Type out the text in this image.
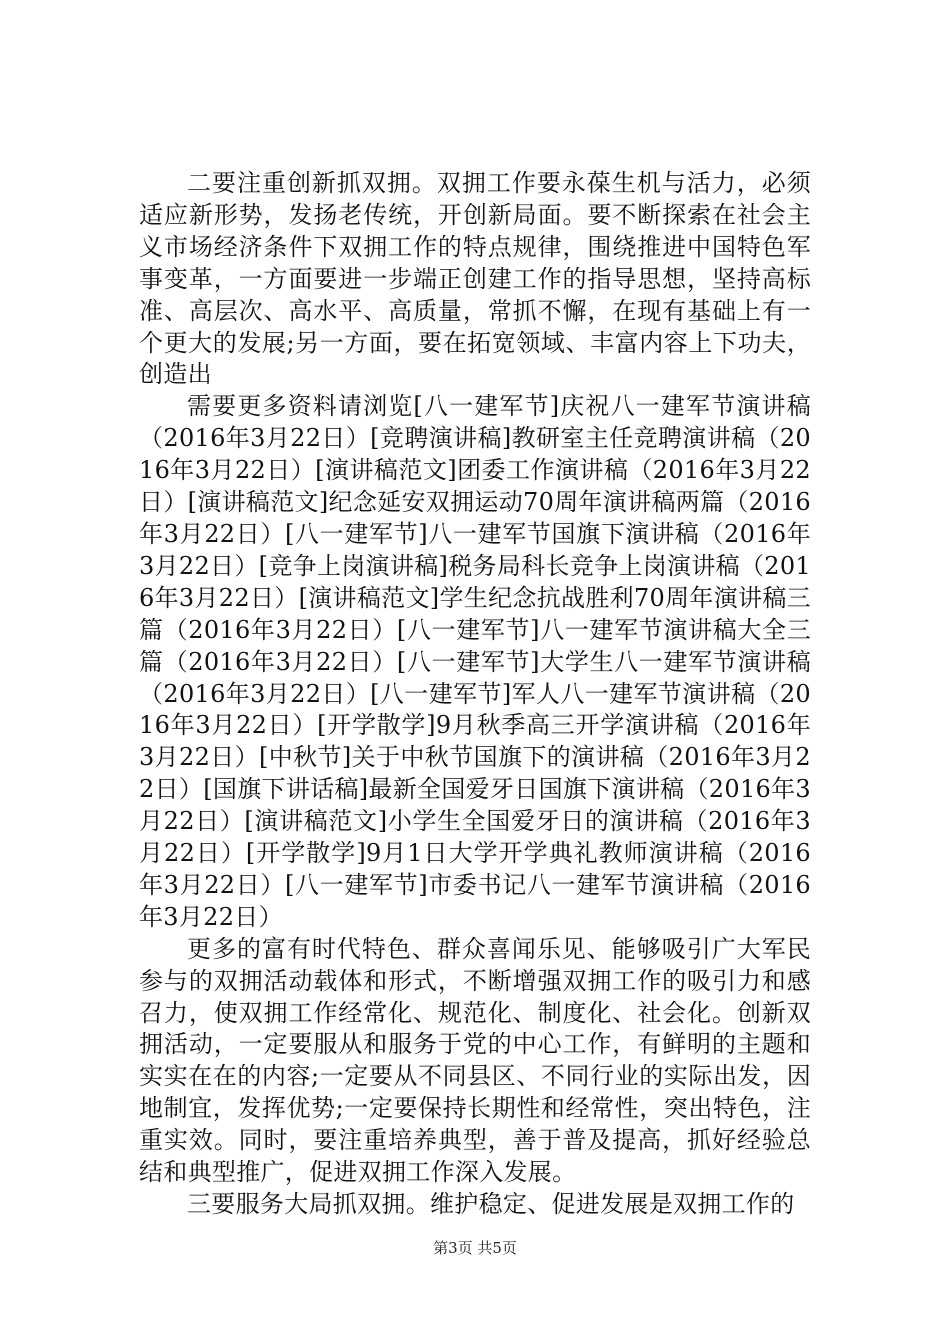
二要注重创新抓双拥。双拥工作要永葆生机与活力，必须适应新形势，发扬老传统，开创新局面。要不断探索在社会主义市场经济条件下双拥工作的特点规律，围绕推进中国特色军事变革，一方面要进一步端正创建工作的指导思想，坚持高标准、高层次、高水平、高质量，常抓不懈，在现有基础上有一个更大的发展;另一方面，要在拓宽领域、丰富内容上下功夫，创造出

需要更多资料请浏览[八一建军节]庆祝八一建军节演讲稿（2016年3月22日）[竞聘演讲稿]教研室主任竞聘演讲稿（2016年3月22日）[演讲稿范文]团委工作演讲稿（2016年3月22日）[演讲稿范文]纪念延安双拥运动70周年演讲稿两篇（2016年3月22日）[八一建军节]八一建军节国旗下演讲稿（2016年3月22日）[竞争上岗演讲稿]税务局科长竞争上岗演讲稿（2016年3月22日）[演讲稿范文]学生纪念抗战胜利70周年演讲稿三篇（2016年3月22日）[八一建军节]八一建军节演讲稿大全三篇（2016年3月22日）[八一建军节]大学生八一建军节演讲稿（2016年3月22日）[八一建军节]军人八一建军节演讲稿（2016年3月22日）[开学散学]9月秋季高三开学演讲稿（2016年3月22日）[中秋节]关于中秋节国旗下的演讲稿（2016年3月22日）[国旗下讲话稿]最新全国爱牙日国旗下演讲稿（2016年3月22日）[演讲稿范文]小学生全国爱牙日的演讲稿（2016年3月22日）[开学散学]9月1日大学开学典礼教师演讲稿（2016年3月22日）[八一建军节]市委书记八一建军节演讲稿（2016年3月22日）

更多的富有时代特色、群众喜闻乐见、能够吸引广大军民参与的双拥活动载体和形式，不断增强双拥工作的吸引力和感召力，使双拥工作经常化、规范化、制度化、社会化。创新双拥活动，一定要服从和服务于党的中心工作，有鲜明的主题和实实在在的内容;一定要从不同县区、不同行业的实际出发，因地制宜，发挥优势;一定要保持长期性和经常性，突出特色，注重实效。同时，要注重培养典型，善于普及提高，抓好经验总结和典型推广，促进双拥工作深入发展。

三要服务大局抓双拥。维护稳定、促进发展是双拥工作的

第3页 共5页
